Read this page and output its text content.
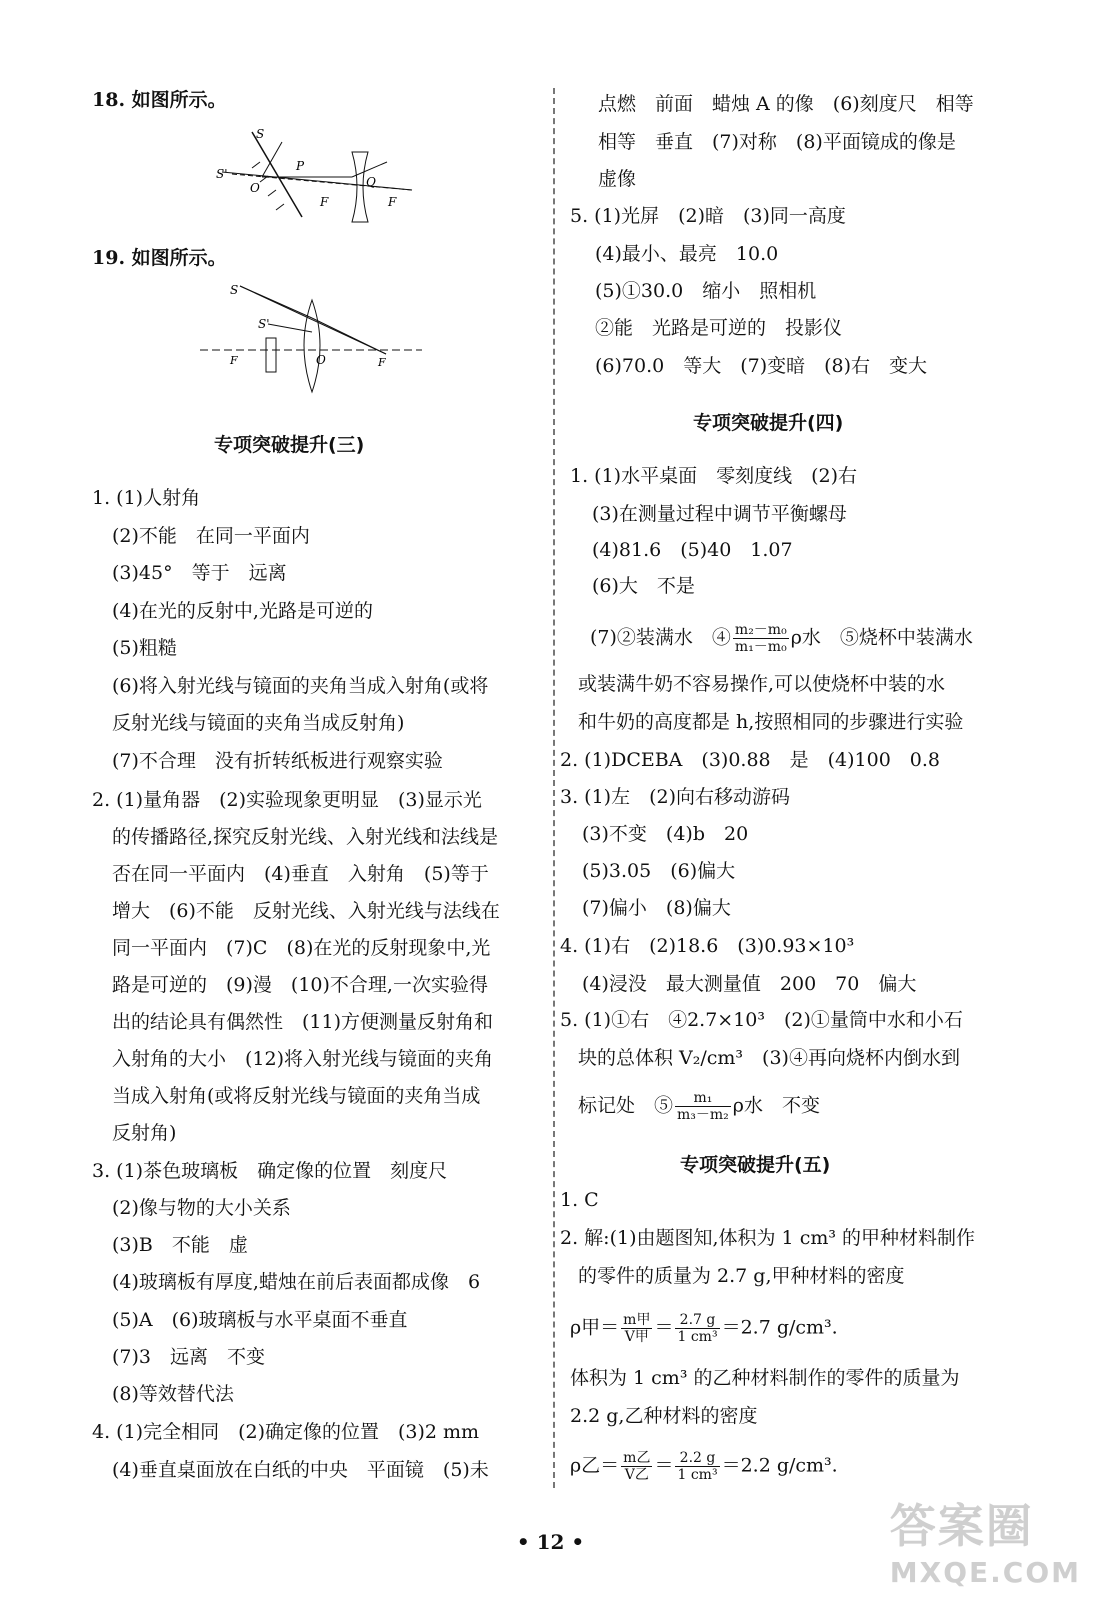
18. 如图所示。
S
S'
P
O
F
Q
F
19. 如图所示。
S
S'
F	O	F
专项突破提升(三)
1. (1)人射角
(2)不能　在同一平面内
(3)45°　等于　远离
(4)在光的反射中,光路是可逆的
(5)粗糙
(6)将入射光线与镜面的夹角当成入射角(或将
反射光线与镜面的夹角当成反射角)
(7)不合理　没有折转纸板进行观察实验
2. (1)量角器　(2)实验现象更明显　(3)显示光
的传播路径,探究反射光线、入射光线和法线是
否在同一平面内　(4)垂直　入射角　(5)等于
增大　(6)不能　反射光线、入射光线与法线在
同一平面内　(7)C　(8)在光的反射现象中,光
路是可逆的　(9)漫　(10)不合理,一次实验得
出的结论具有偶然性　(11)方便测量反射角和
入射角的大小　(12)将入射光线与镜面的夹角
当成入射角(或将反射光线与镜面的夹角当成
反射角)
3. (1)茶色玻璃板　确定像的位置　刻度尺
(2)像与物的大小关系
(3)B　不能　虚
(4)玻璃板有厚度,蜡烛在前后表面都成像　6
(5)A　(6)玻璃板与水平桌面不垂直
(7)3　远离　不变
(8)等效替代法
4. (1)完全相同　(2)确定像的位置　(3)2 mm
(4)垂直桌面放在白纸的中央　平面镜　(5)未
点燃　前面　蜡烛 A 的像　(6)刻度尺　相等
相等　垂直　(7)对称　(8)平面镜成的像是
虚像
5. (1)光屏　(2)暗　(3)同一高度
(4)最小、最亮　10.0
(5)①30.0　缩小　照相机
②能　光路是可逆的　投影仪
(6)70.0　等大　(7)变暗　(8)右　变大
专项突破提升(四)
1. (1)水平桌面　零刻度线　(2)右
(3)在测量过程中调节平衡螺母
(4)81.6　(5)40　1.07
(6)大　不是
(7)②装满水　④ $\frac{\text{m₂－m₀}}{\text{m₁－m₀}}$ ρ水　⑤烧杯中装满水
或装满牛奶不容易操作,可以使烧杯中装的水
和牛奶的高度都是 h,按照相同的步骤进行实验
2. (1)DCEBA　(3)0.88　是　(4)100　0.8
3. (1)左　(2)向右移动游码
(3)不变　(4)b　20
(5)3.05　(6)偏大
(7)偏小　(8)偏大
4. (1)右　(2)18.6　(3)0.93×10³
(4)浸没　最大测量值　200　70　偏大
5. (1)①右　④2.7×10³　(2)①量筒中水和小石
块的总体积 V₂/cm³　(3)④再向烧杯内倒水到
标记处　⑤ $\frac{\text{m₁}}{\text{m₃－m₂}}$ ρ水　不变
专项突破提升(五)
1. C
2. 解:(1)由题图知,体积为 1 cm³ 的甲种材料制作
的零件的质量为 2.7 g,甲种材料的密度
ρ甲＝ $\frac{\text{m甲}}{\text{V甲}} = \frac{2.7 g}{\text{1 cm³}} =2.7$ g/cm³.
体积为 1 cm³ 的乙种材料制作的零件的质量为
2.2 g,乙种材料的密度
ρ乙＝ $\frac{\text{m乙}}{\text{V乙}} = \frac{2.2 g}{\text{1 cm³}} =2.2$ g/cm³.
• 12 •	答案圈
MXQE.COM
